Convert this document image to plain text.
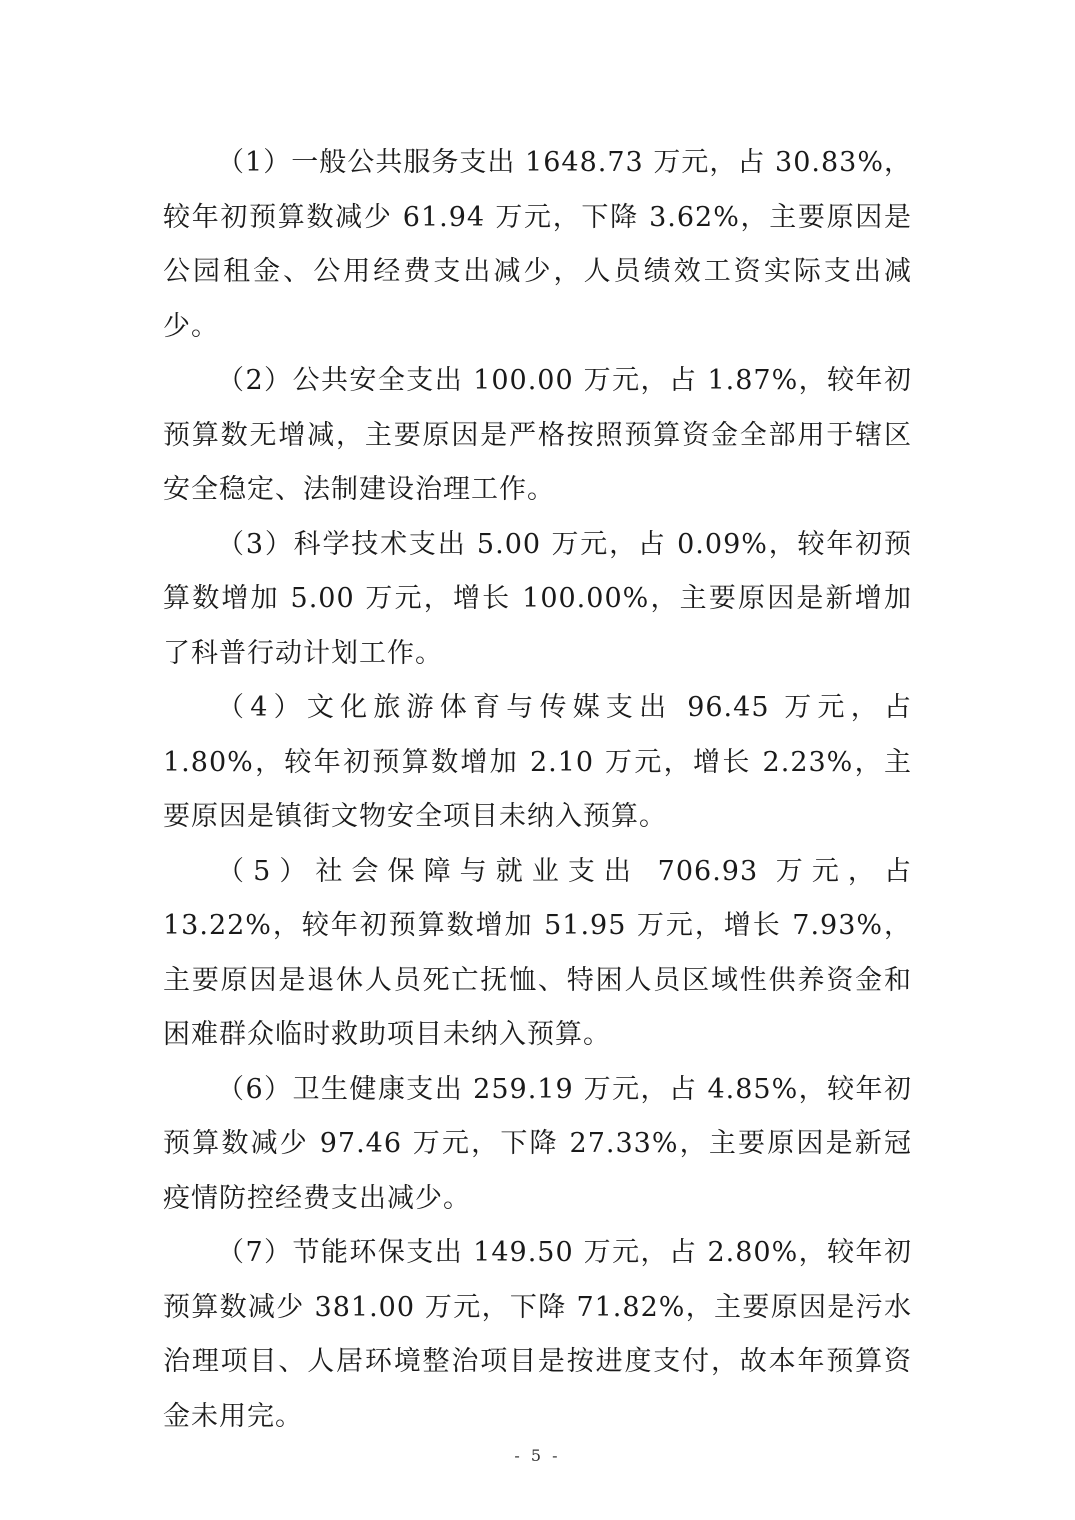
（1）一般公共服务支出 1648.73 万元，占 30.83%，较年初预算数减少 61.94 万元，下降 3.62%，主要原因是公园租金、公用经费支出减少，人员绩效工资实际支出减少。

（2）公共安全支出 100.00 万元，占 1.87%，较年初预算数无增减，主要原因是严格按照预算资金全部用于辖区安全稳定、法制建设治理工作。

（3）科学技术支出 5.00 万元，占 0.09%，较年初预算数增加 5.00 万元，增长 100.00%，主要原因是新增加了科普行动计划工作。

（4）文化旅游体育与传媒支出 96.45 万元，占 1.80%，较年初预算数增加 2.10 万元，增长 2.23%，主要原因是镇街文物安全项目未纳入预算。

（5）社会保障与就业支出 706.93 万元，占 13.22%，较年初预算数增加 51.95 万元，增长 7.93%，主要原因是退休人员死亡抚恤、特困人员区域性供养资金和困难群众临时救助项目未纳入预算。

（6）卫生健康支出 259.19 万元，占 4.85%，较年初预算数减少 97.46 万元，下降 27.33%，主要原因是新冠疫情防控经费支出减少。

（7）节能环保支出 149.50 万元，占 2.80%，较年初预算数减少 381.00 万元，下降 71.82%，主要原因是污水治理项目、人居环境整治项目是按进度支付，故本年预算资金未用完。

- 5 -
